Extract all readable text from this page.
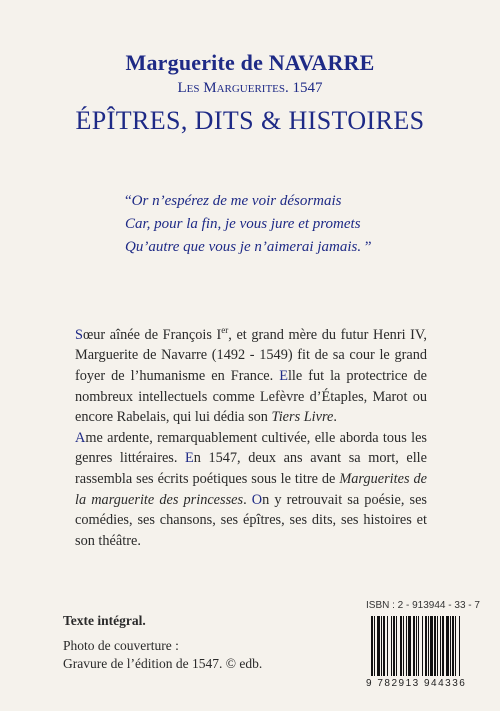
Marguerite de NAVARRE
Les Marguerites. 1547
ÉPÎTRES, DITS & HISTOIRES
“Or n’espérez de me voir désormais
Car, pour la fin, je vous jure et promets
Qu’autre que vous je n’aimerai jamais. ”

Sœur aînée de François Ier, et grand mère du futur Henri IV, Marguerite de Navarre (1492 - 1549) fit de sa cour le grand foyer de l’humanisme en France. Elle fut la protectrice de nombreux intellectuels comme Lefèvre d’Étaples, Marot ou encore Rabelais, qui lui dédia son Tiers Livre.

Ame ardente, remarquablement cultivée, elle aborda tous les genres littéraires. En 1547, deux ans avant sa mort, elle rassembla ses écrits poétiques sous le titre de Marguerites de la marguerite des princesses. On y retrouvait sa poésie, ses comédies, ses chansons, ses épîtres, ses dits, ses histoires et son théâtre.

Texte intégral.
Photo de couverture :
Gravure de l’édition de 1547. © edb.
ISBN : 2 - 913944 - 33 - 7
9 782913 944336
